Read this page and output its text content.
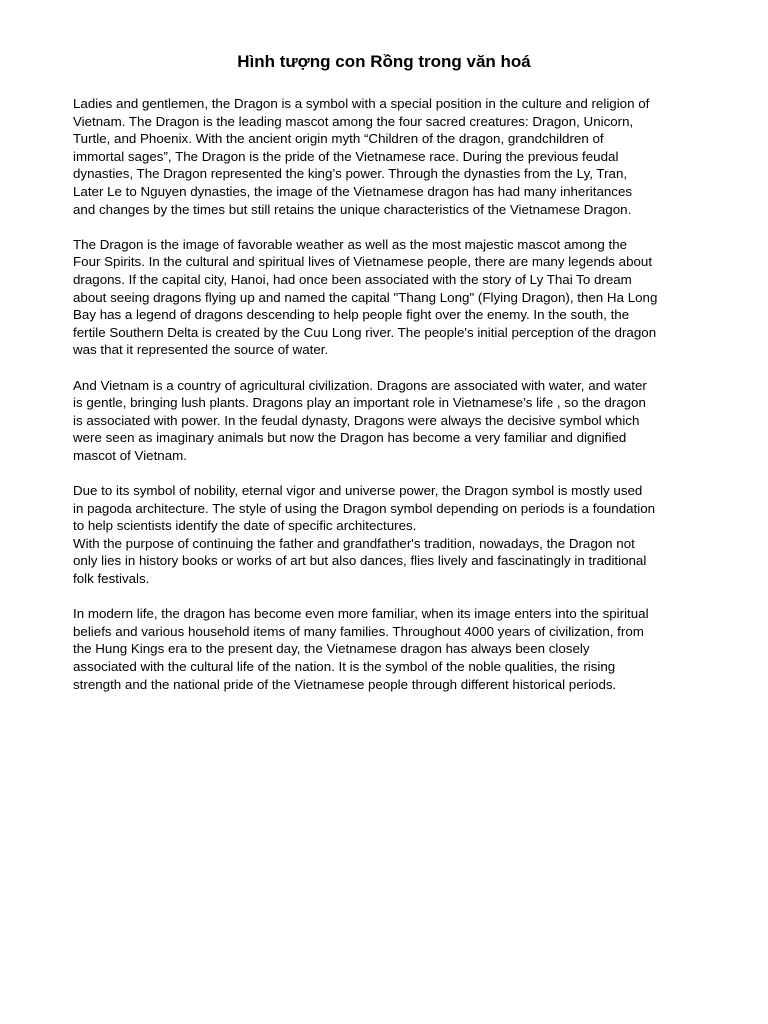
Hình tượng con Rồng trong văn hoá

Ladies and gentlemen, the Dragon is a symbol with a special position in the culture and religion of
Vietnam. The Dragon is the leading mascot among the four sacred creatures: Dragon, Unicorn,
Turtle, and Phoenix. With the ancient origin myth “Children of the dragon, grandchildren of
immortal sages”, The Dragon is the pride of the Vietnamese race. During the previous feudal
dynasties, The Dragon represented the king’s power. Through the dynasties from the Ly, Tran,
Later Le to Nguyen dynasties, the image of the Vietnamese dragon has had many inheritances
and changes by the times but still retains the unique characteristics of the Vietnamese Dragon.

The Dragon is the image of favorable weather as well as the most majestic mascot among the
Four Spirits. In the cultural and spiritual lives of Vietnamese people, there are many legends about
dragons. If the capital city, Hanoi, had once been associated with the story of Ly Thai To dream
about seeing dragons flying up and named the capital "Thang Long" (Flying Dragon), then Ha Long
Bay has a legend of dragons descending to help people fight over the enemy. In the south, the
fertile Southern Delta is created by the Cuu Long river. The people's initial perception of the dragon
was that it represented the source of water.

And Vietnam is a country of agricultural civilization. Dragons are associated with water, and water
is gentle, bringing lush plants. Dragons play an important role in Vietnamese’s life , so the dragon
is associated with power. In the feudal dynasty, Dragons were always the decisive symbol which
were seen as imaginary animals but now the Dragon has become a very familiar and dignified
mascot of Vietnam.

Due to its symbol of nobility, eternal vigor and universe power, the Dragon symbol is mostly used
in pagoda architecture. The style of using the Dragon symbol depending on periods is a foundation
to help scientists identify the date of specific architectures.

With the purpose of continuing the father and grandfather's tradition, nowadays, the Dragon not
only lies in history books or works of art but also dances, flies lively and fascinatingly in traditional
folk festivals.

In modern life, the dragon has become even more familiar, when its image enters into the spiritual
beliefs and various household items of many families. Throughout 4000 years of civilization, from
the Hung Kings era to the present day, the Vietnamese dragon has always been closely
associated with the cultural life of the nation. It is the symbol of the noble qualities, the rising
strength and the national pride of the Vietnamese people through different historical periods.
